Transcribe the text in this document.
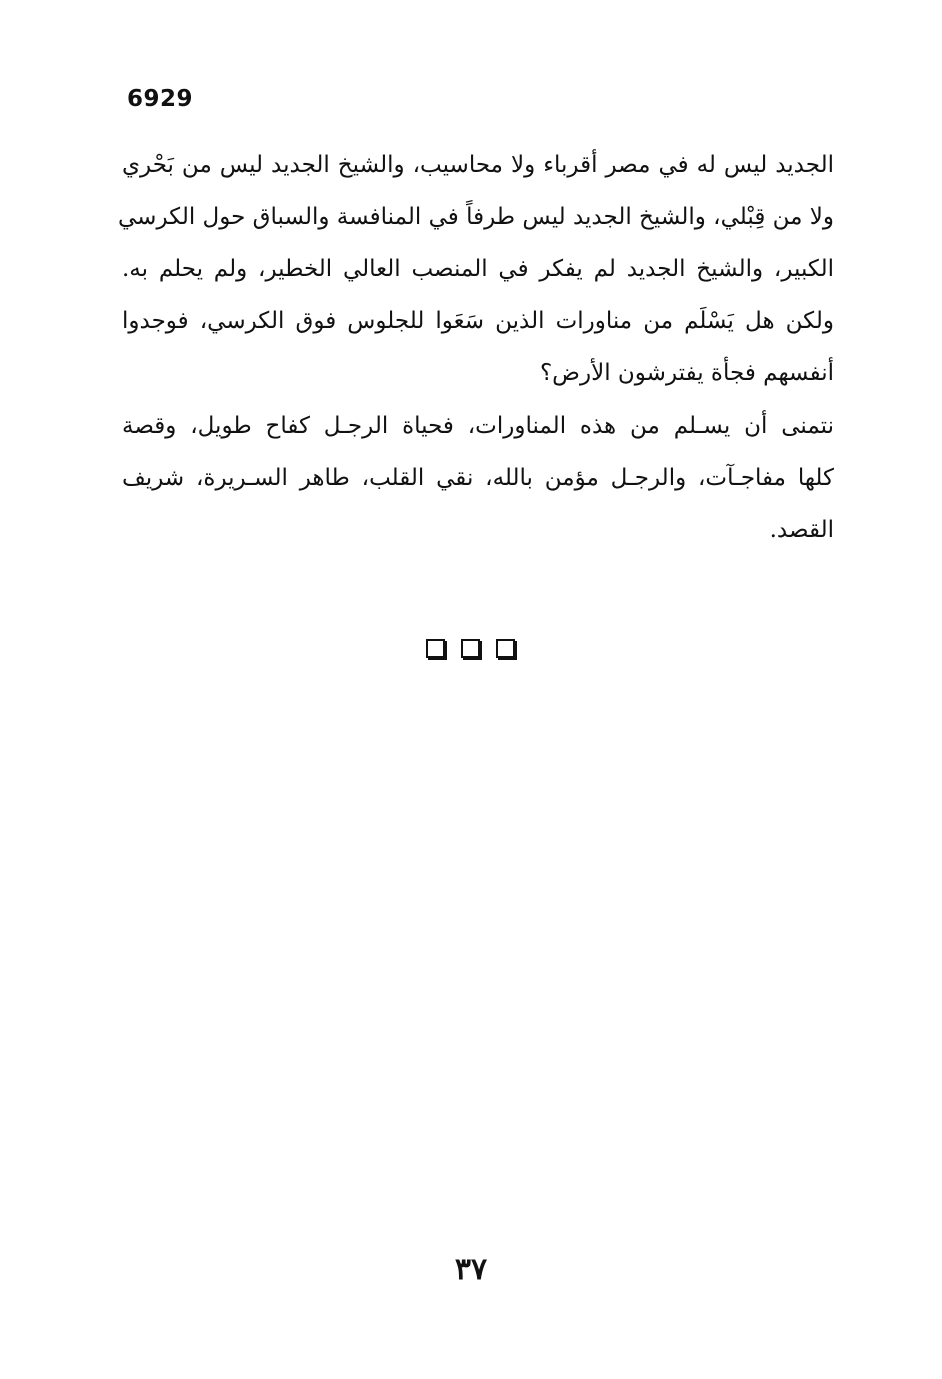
6929
الجديد ليس له في مصر أقرباء ولا محاسيب، والشيخ الجديد ليس من بَحْري
ولا من قِبْلي، والشيخ الجديد ليس طرفاً في المنافسة والسباق حول الكرسي
الكبير، والشيخ الجديد لم يفكر في المنصب العالي الخطير، ولم يحلم به.
ولكن هل يَسْلَم من مناورات الذين سَعَوا للجلوس فوق الكرسي، فوجدوا
أنفسهم فجأة يفترشون الأرض؟
نتمنى أن يسـلم من هذه المناورات، فحياة الرجـل كفاح طويل، وقصة
كلها مفاجـآت، والرجـل مؤمن بالله، نقي القلب، طاهر السـريرة، شريف
القصد.
٣٧
